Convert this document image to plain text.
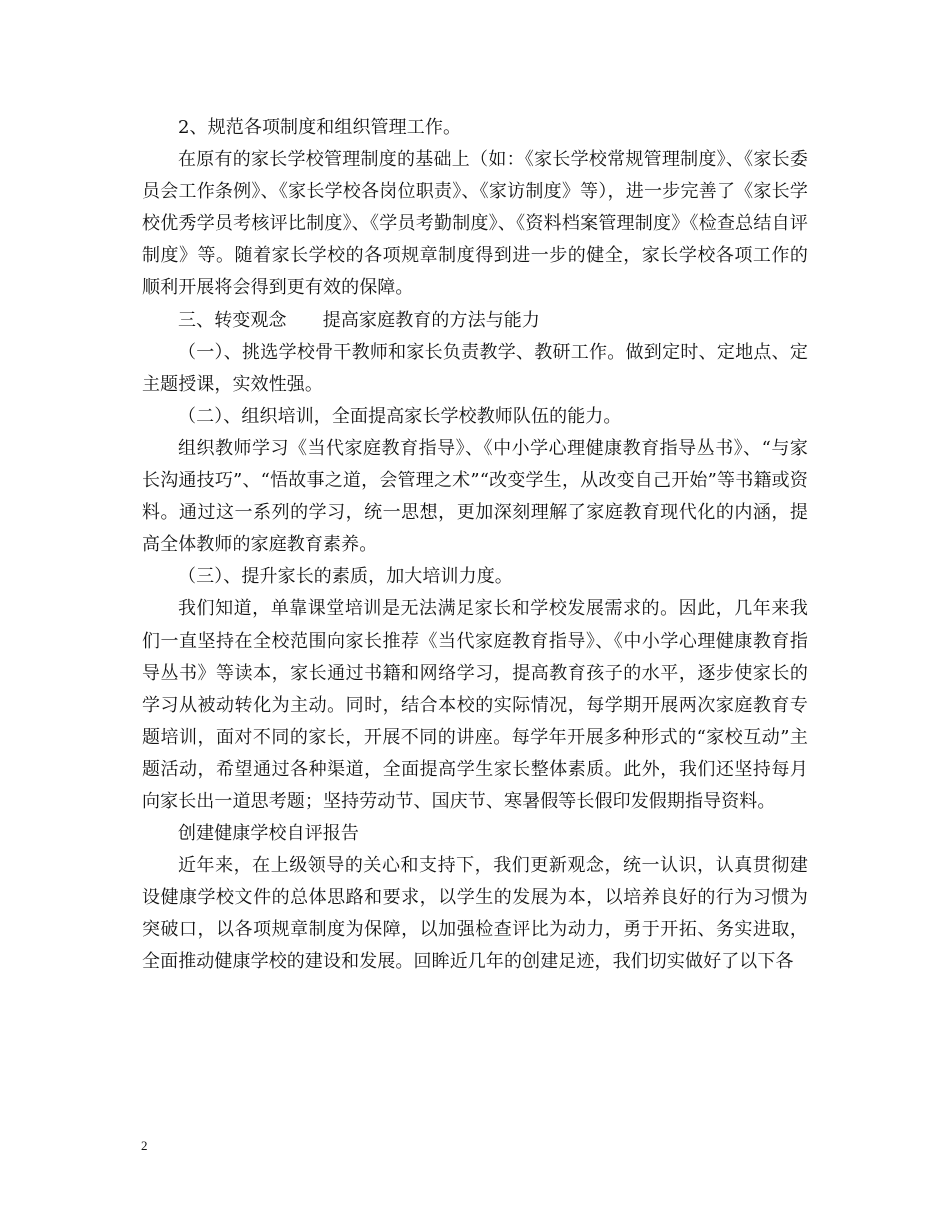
2、规范各项制度和组织管理工作。

在原有的家长学校管理制度的基础上（如：《家长学校常规管理制度》、《家长委员会工作条例》、《家长学校各岗位职责》、《家访制度》等），进一步完善了《家长学校优秀学员考核评比制度》、《学员考勤制度》、《资料档案管理制度》《检查总结自评制度》等。随着家长学校的各项规章制度得到进一步的健全，家长学校各项工作的顺利开展将会得到更有效的保障。

三、转变观念　　提高家庭教育的方法与能力

（一）、挑选学校骨干教师和家长负责教学、教研工作。做到定时、定地点、定主题授课，实效性强。

（二）、组织培训，全面提高家长学校教师队伍的能力。

组织教师学习《当代家庭教育指导》、《中小学心理健康教育指导丛书》、“与家长沟通技巧”、“悟故事之道，会管理之术”“改变学生，从改变自己开始”等书籍或资料。通过这一系列的学习，统一思想，更加深刻理解了家庭教育现代化的内涵，提高全体教师的家庭教育素养。

（三）、提升家长的素质，加大培训力度。

我们知道，单靠课堂培训是无法满足家长和学校发展需求的。因此，几年来我们一直坚持在全校范围向家长推荐《当代家庭教育指导》、《中小学心理健康教育指导丛书》等读本，家长通过书籍和网络学习，提高教育孩子的水平，逐步使家长的学习从被动转化为主动。同时，结合本校的实际情况，每学期开展两次家庭教育专题培训，面对不同的家长，开展不同的讲座。每学年开展多种形式的“家校互动”主题活动，希望通过各种渠道，全面提高学生家长整体素质。此外，我们还坚持每月向家长出一道思考题；坚持劳动节、国庆节、寒暑假等长假印发假期指导资料。

创建健康学校自评报告

近年来，在上级领导的关心和支持下，我们更新观念，统一认识，认真贯彻建设健康学校文件的总体思路和要求，以学生的发展为本，以培养良好的行为习惯为突破口，以各项规章制度为保障，以加强检查评比为动力，勇于开拓、务实进取，全面推动健康学校的建设和发展。回眸近几年的创建足迹，我们切实做好了以下各

2
